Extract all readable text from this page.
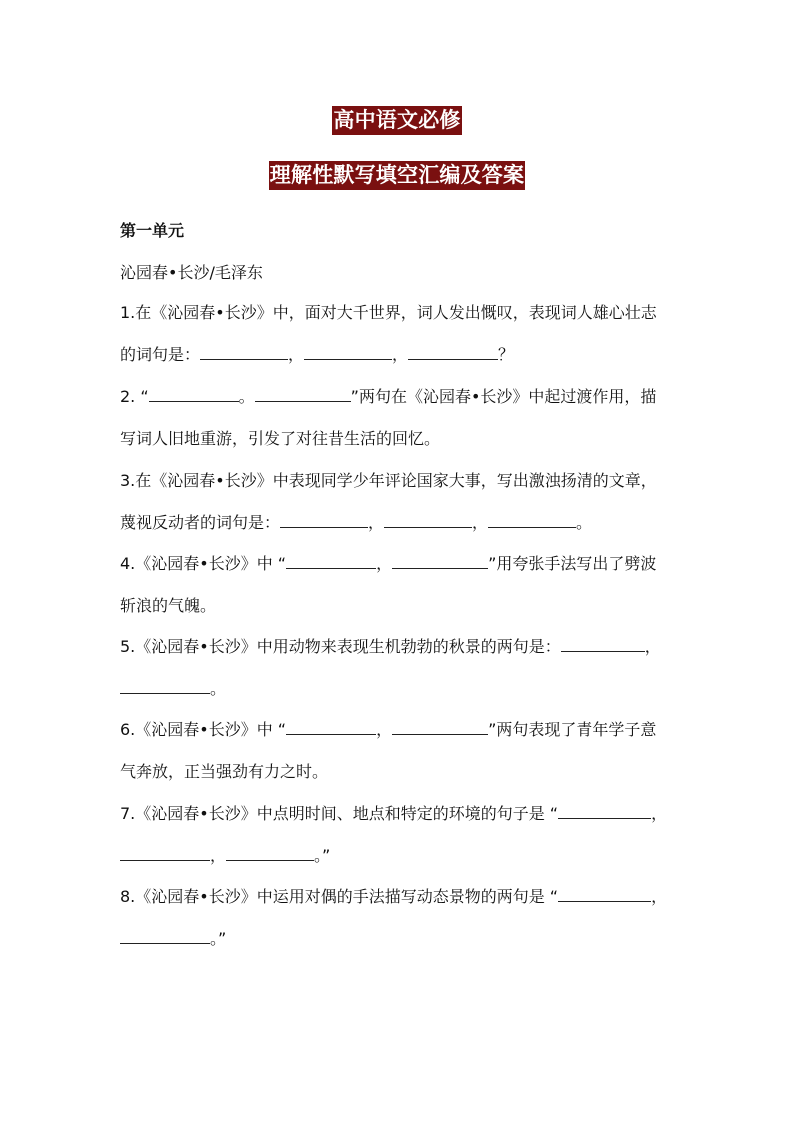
高中语文必修
理解性默写填空汇编及答案
第一单元
沁园春•长沙/毛泽东
1.在《沁园春•长沙》中，面对大千世界，词人发出慨叹，表现词人雄心壮志
的词句是：	，	，	？
2. “	。	”两句在《沁园春•长沙》中起过渡作用，描
写词人旧地重游，引发了对往昔生活的回忆。
3.在《沁园春•长沙》中表现同学少年评论国家大事，写出激浊扬清的文章，
蔑视反动者的词句是：	，	，	。
4.《沁园春•长沙》中 “	，	”用夸张手法写出了劈波
斩浪的气魄。
5.《沁园春•长沙》中用动物来表现生机勃勃的秋景的两句是：	，
。
6.《沁园春•长沙》中 “	，	”两句表现了青年学子意
气奔放，正当强劲有力之时。
7.《沁园春•长沙》中点明时间、地点和特定的环境的句子是 “	，
，	。”
8.《沁园春•长沙》中运用对偶的手法描写动态景物的两句是 “	，
。”
